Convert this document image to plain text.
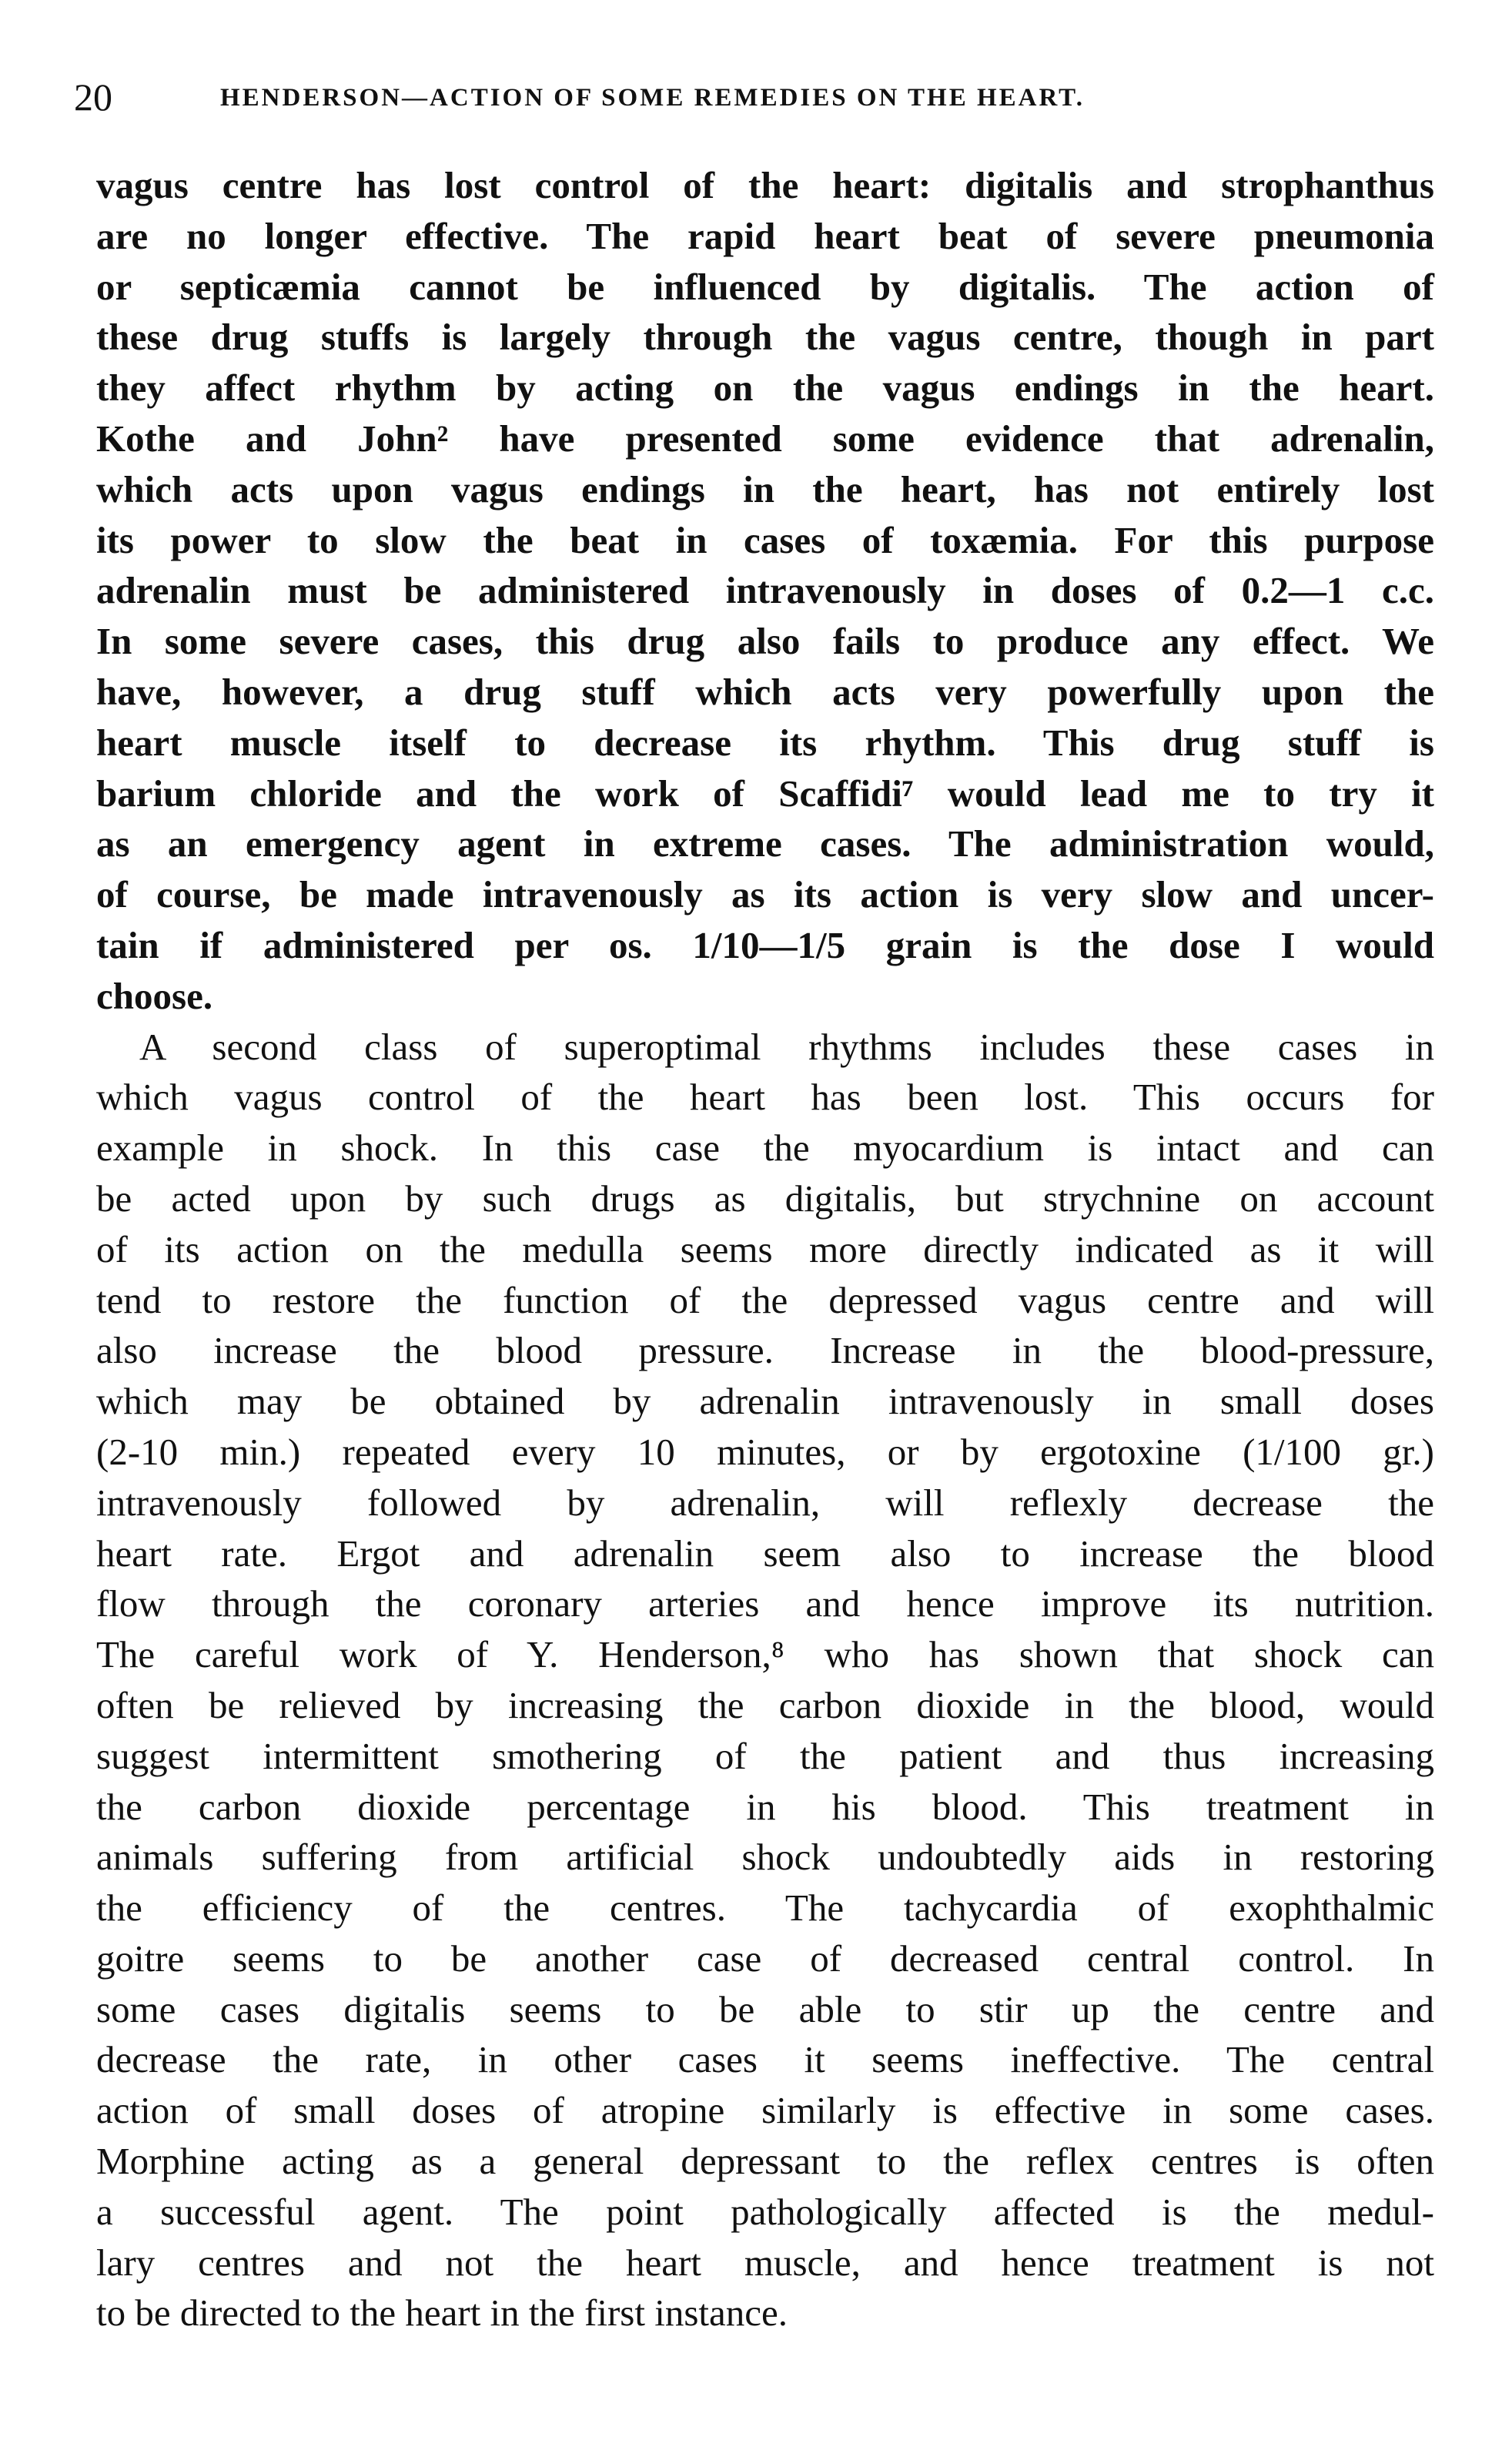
20	HENDERSON—ACTION OF SOME REMEDIES ON THE HEART.
vagus centre has lost control of the heart: digitalis and strophanthus
are no longer effective. The rapid heart beat of severe pneumonia
or septicæmia cannot be influenced by digitalis. The action of
these drug stuffs is largely through the vagus centre, though in part
they affect rhythm by acting on the vagus endings in the heart.
Kothe and John² have presented some evidence that adrenalin,
which acts upon vagus endings in the heart, has not entirely lost
its power to slow the beat in cases of toxæmia. For this purpose
adrenalin must be administered intravenously in doses of 0.2—1 c.c.
In some severe cases, this drug also fails to produce any effect. We
have, however, a drug stuff which acts very powerfully upon the
heart muscle itself to decrease its rhythm. This drug stuff is
barium chloride and the work of Scaffidi⁷ would lead me to try it
as an emergency agent in extreme cases. The administration would,
of course, be made intravenously as its action is very slow and uncer-
tain if administered per os. 1/10—1/5 grain is the dose I would
choose.
A second class of superoptimal rhythms includes these cases in
which vagus control of the heart has been lost. This occurs for
example in shock. In this case the myocardium is intact and can
be acted upon by such drugs as digitalis, but strychnine on account
of its action on the medulla seems more directly indicated as it will
tend to restore the function of the depressed vagus centre and will
also increase the blood pressure. Increase in the blood-pressure,
which may be obtained by adrenalin intravenously in small doses
(2-10 min.) repeated every 10 minutes, or by ergotoxine (1/100 gr.)
intravenously followed by adrenalin, will reflexly decrease the
heart rate. Ergot and adrenalin seem also to increase the blood
flow through the coronary arteries and hence improve its nutrition.
The careful work of Y. Henderson,⁸ who has shown that shock can
often be relieved by increasing the carbon dioxide in the blood, would
suggest intermittent smothering of the patient and thus increasing
the carbon dioxide percentage in his blood. This treatment in
animals suffering from artificial shock undoubtedly aids in restoring
the efficiency of the centres. The tachycardia of exophthalmic
goitre seems to be another case of decreased central control. In
some cases digitalis seems to be able to stir up the centre and
decrease the rate, in other cases it seems ineffective. The central
action of small doses of atropine similarly is effective in some cases.
Morphine acting as a general depressant to the reflex centres is often
a successful agent. The point pathologically affected is the medul-
lary centres and not the heart muscle, and hence treatment is not
to be directed to the heart in the first instance.
